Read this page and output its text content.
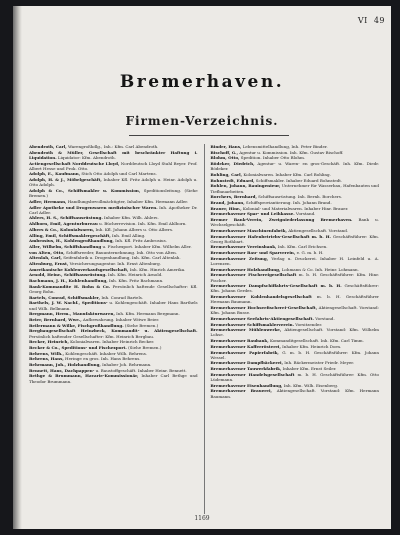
VI 49
Bremerhaven.
Firmen-Verzeichnis.
Abendroth, Carl, Warengroßhdlg., Inh.: Kfm. Carl Abendroth.
Abendroth & Müller, Gesellschaft mit beschränkter Haftung i. Liquidation. Liquidator: Kfm. Abendroth.
Actiengesellschaft Norddeutsche Lloyd, Norddeutsch Lloyd Stahl Beyer. Prof. Albert Hesse und Prok. Otto.
Adolph, E., Kaufmann, Stich Otto Adolph und Carl Martens.
Adolph, H. & J., Möbelgeschäft, Inhaber Kfl. Fritz Adolph u. Heinr. Adolph u. Otto Adolph.
Adolph & Co., Schiffsmakler u. Kommission, Speditionsleitung. (Siehe Bremen.)
Adler, Hermann, Handlungsbevollmächtigter, Inhaber Kfm. Hermann Adler.
Adler Apotheke und Drogenwaren medizinischer Waren. Inh. Apotheker Dr. Carl Adler.
Ahlers, H. S., Schiffsausrüstung. Inhaber Kfm. Wilh. Ahlers.
Ahlborn, Emil, Agenturbureau u. Bücherrevision. Inh. Kfm. Emil Ahlborn.
Albers & Co., Kolonialwaren, Inh. Kfl. Johann Albers u. Otto Albers.
Alling, Emil, Schiffsmaklergeschäft, Inh. Emil Alling.
Ambrosius, H., Kohlengroßhandlung, Inh. Kfl. Fritz Ambrosius.
Aller, Wilhelm, Schiffshandlung u. Fischexport. Inhaber Kfm. Wilhelm Aller.
von Alten, Otto, Schiffsreeder, Bauunternehmung. Inh. Otto von Alten.
Altenlah, Carl, Seifenfabrik u. Drogenhandlung, Inh. Kfm. Carl Altenlah.
Altenburg, Ernst, Versicherungsagentur. Inh. Ernst Altenburg.
Amerikanische Kohlenverkaufsgesellschaft, Inh. Kfm. Hinrich Amerika.
Arnold, Heinr., Schiffsausrüstung. Inh. Kfm. Heinrich Arnold.
Bachmann, J. H., Kohlenhandlung, Inh. Kfm. Fritz Bachmann.
Bank-Kommandite H. Bohn & Co. Persönlich haftende Gesellschafter: Kfl. Georg Bohn.
Bartels, Conrad, Schiffsmakler, Inh. Conrad Bartels.
Barthels, J. W. Nachf., Speditions- u. Kohlengeschäft. Inhaber Hans Barthels und Wilh. Bellmann.
Bergmann, Herm., Manufakturwaren, Inh. Kfm. Hermann Bergmann.
Beier, Bernhard, Wwe., Aufbewahrung. Inhaber Witwe Beier.
Beilermann & Wilke, Fischgroßhandlung. (Siehe Bremen.)
Bergbaugesellschaft Heinzbeck, Kommandit- u. Aktiengesellschaft. Persönlich haftender Gesellschafter: Kfm. Heinrich Bergbau.
Becker, Heinrich, Kolonialwaren. Inhaber Heinrich Becker.
Becker & Co., Speditions- und Fischexport. (Siehe Bremen.)
Behrens, Wilh., Kohlengeschäft. Inhaber Wilh. Behrens.
Behrens, Hans, Heringe en gros. Inh. Hans Behrens.
Behrmann, Joh., Holzhandlung, Inhaber Joh. Behrmann.
Bennett, Hans, Dachpappen- u. Baustoffgeschäft. Inhaber Heinr. Bennett.
Bethge & Brummann, Havarie-Kommissionär, Inhaber Carl Bethge und Theodor Brummann.
Binder, Hans, Lebensmittelhandlung, Inh. Peter Binder.
Bischoff, G., Agentur u. Kommission. Inh. Kfm. Gustav Bischoff.
Blohm, Otto, Spedition. Inhaber Otto Blohm.
Bödeker, Diedrich, Agentur- u. Waren- en gros-Geschäft. Inh. Kfm. Diedr. Bödeker.
Bohling, Carl, Kolonialwaren. Inhaber Kfm. Carl Bohling.
Bohnstedt, Eduard, Schiffsmakler. Inhaber Eduard Bohnstedt.
Bohlen, Johann, Bauingenieur, Unternehmer für Wasserbau, Hafenbauten und Tiefbauarbeiten.
Borchers, Bernhard, Schiffsausrüstung. Inh. Bernh. Borchers.
Brand, Johann, Schiffsproviantierung. Inh. Johann Brand.
Brauer, Hinr., Kolonial- und Materialwaren. Inhaber Hinr. Brauer.
Bremerhavener Spar- und Leihkasse. Vorstand.
Bremer Bank-Verein, Zweigniederlassung Bremerhaven. Bank u. Wechselgeschäft.
Bremerhavener Maschinenfabrik, Aktiengesellschaft. Vorstand.
Bremerhavener Hafenbetriebs-Gesellschaft m. b. H. Geschäftsführer: Kfm. Georg Rothbart.
Bremerhavener Vereinsbank, Inh. Kfm. Carl Erichsen.
Bremerhavener Bau- und Sparverein, e. G. m. b. H.
Bremerhavener Zeitung, Verlag u. Druckerei. Inhaber H. Leinfeld u. A. Lorenzen.
Bremerhavener Holzhandlung, Lohmann & Co. Inh. Heinr. Lohmann.
Bremerhavener Fischereigesellschaft m. b. H. Geschäftsführer: Kfm. Hinr. Fischer.
Bremerhavener Dampfschiffahrts-Gesellschaft m. b. H. Geschäftsführer: Kfm. Johann Gerdes.
Bremerhavener Kohlenhandelsgesellschaft m. b. H. Geschäftsführer Hermann Baumann.
Bremerhavener Hochseefischerei-Gesellschaft, Aktiengesellschaft. Vorstand: Kfm. Johann Busse.
Bremerhavener Seefahrts-Aktiengesellschaft. Vorstand.
Bremerhavener Schiffsmaklerverein. Vorsitzender.
Bremerhavener Mühlenwerke, Aktiengesellschaft. Vorstand: Kfm. Wilhelm Lohse.
Bremerhavener Baubank, Kommanditgesellschaft. Inh. Kfm. Carl Timm.
Bremerhavener Kaffeerösterei, Inhaber Kfm. Heinrich Dorn.
Bremerhavener Papierfabrik, G. m. b. H. Geschäftsführer: Kfm. Johann Wessel.
Bremerhavener Dampfbäckerei, Inh. Bäckermeister Friedr. Meyer.
Bremerhavener Tauwerkfabrik, Inhaber Kfm. Ernst Seiler.
Bremerhavener Handelsgesellschaft m. b. H. Geschäftsführer: Kfm. Otto Lüdemann.
Bremerhavener Eisenhandlung, Inh. Kfm. Wilh. Eisenberg.
Bremerhavener Brauerei, Aktiengesellschaft. Vorstand: Kfm. Hermann Baumann.
1169
